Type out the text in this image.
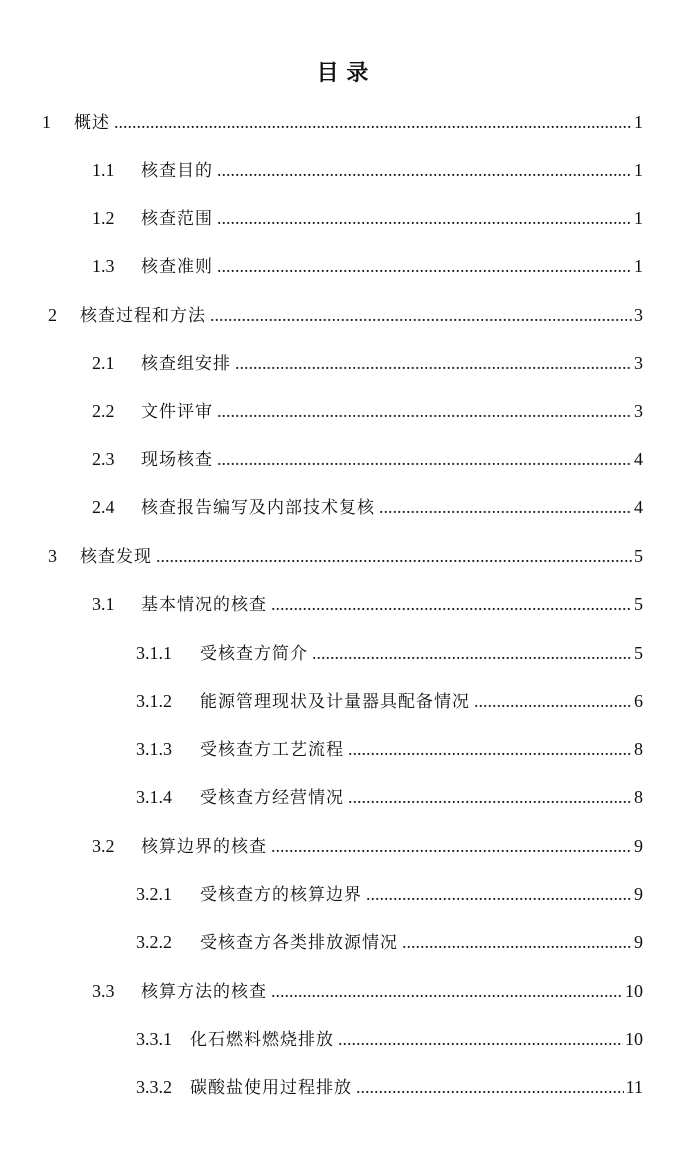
目 录
1	概述 .....	1
1.1	核查目的 .....	1
1.2	核查范围 .....	1
1.3	核查准则 .....	1
2	核查过程和方法 .....	3
2.1	核查组安排 .....	3
2.2	文件评审 .....	3
2.3	现场核查 .....	4
2.4	核查报告编写及内部技术复核 .....	4
3	核查发现 .....	5
3.1	基本情况的核查 .....	5
3.1.1	受核查方简介 .....	5
3.1.2	能源管理现状及计量器具配备情况 .....	6
3.1.3	受核查方工艺流程 .....	8
3.1.4	受核查方经营情况 .....	8
3.2	核算边界的核查 .....	9
3.2.1	受核查方的核算边界 .....	9
3.2.2	受核查方各类排放源情况 .....	9
3.3	核算方法的核查 .....	10
3.3.1	化石燃料燃烧排放 .....	10
3.3.2	碳酸盐使用过程排放 .....	11
